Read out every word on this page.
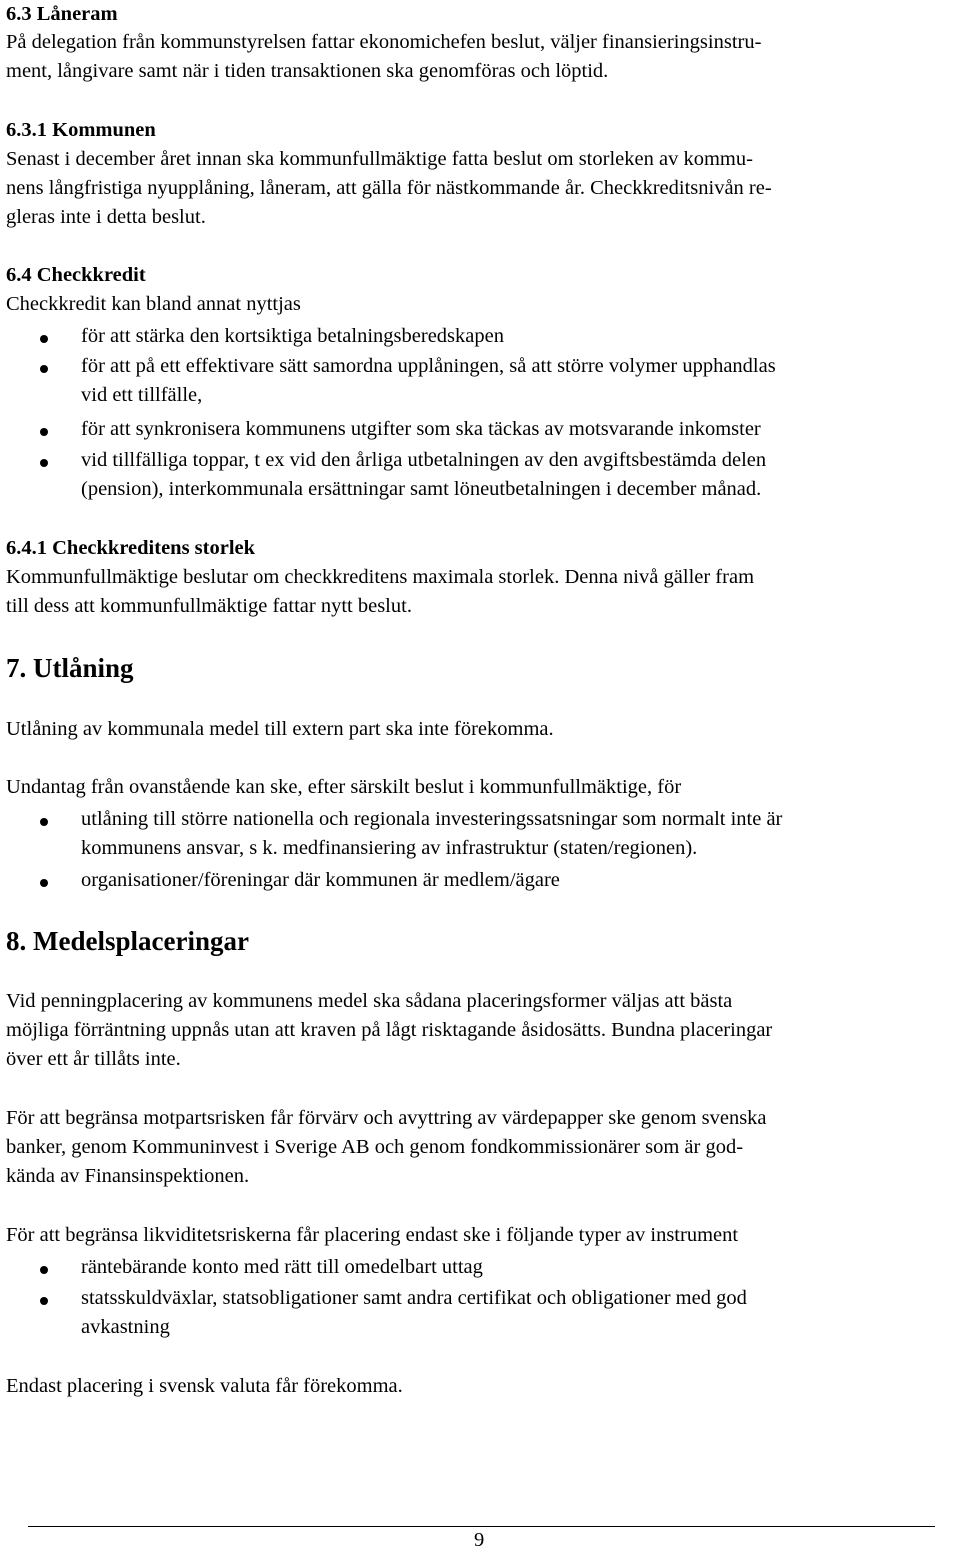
6.3 Låneram
På delegation från kommunstyrelsen fattar ekonomichefen beslut, väljer finansieringsinstru-
ment, långivare samt när i tiden transaktionen ska genomföras och löptid.
6.3.1 Kommunen
Senast i december året innan ska kommunfullmäktige fatta beslut om storleken av kommu-
nens långfristiga nyupplåning, låneram, att gälla för nästkommande år. Checkkreditsnivån re-
gleras inte i detta beslut.
6.4 Checkkredit
Checkkredit kan bland annat nyttjas
för att stärka den kortsiktiga betalningsberedskapen
för att på ett effektivare sätt samordna upplåningen, så att större volymer upphandlas
vid ett tillfälle,
för att synkronisera kommunens utgifter som ska täckas av motsvarande inkomster
vid tillfälliga toppar, t ex vid den årliga utbetalningen av den avgiftsbestämda delen
(pension), interkommunala ersättningar samt löneutbetalningen i december månad.
6.4.1 Checkkreditens storlek
Kommunfullmäktige beslutar om checkkreditens maximala storlek. Denna nivå gäller fram
till dess att kommunfullmäktige fattar nytt beslut.
7. Utlåning
Utlåning av kommunala medel till extern part ska inte förekomma.
Undantag från ovanstående kan ske, efter särskilt beslut i kommunfullmäktige, för
utlåning till större nationella och regionala investeringssatsningar som normalt inte är
kommunens ansvar, s k. medfinansiering av infrastruktur (staten/regionen).
organisationer/föreningar där kommunen är medlem/ägare
8. Medelsplaceringar
Vid penningplacering av kommunens medel ska sådana placeringsformer väljas att bästa
möjliga förräntning uppnås utan att kraven på lågt risktagande åsidosätts. Bundna placeringar
över ett år tillåts inte.
För att begränsa motpartsrisken får förvärv och avyttring av värdepapper ske genom svenska
banker, genom Kommuninvest i Sverige AB och genom fondkommissionärer som är god-
kända av Finansinspektionen.
För att begränsa likviditetsriskerna får placering endast ske i följande typer av instrument
räntebärande konto med rätt till omedelbart uttag
statsskuldväxlar, statsobligationer samt andra certifikat och obligationer med god
avkastning
Endast placering i svensk valuta får förekomma.
9
